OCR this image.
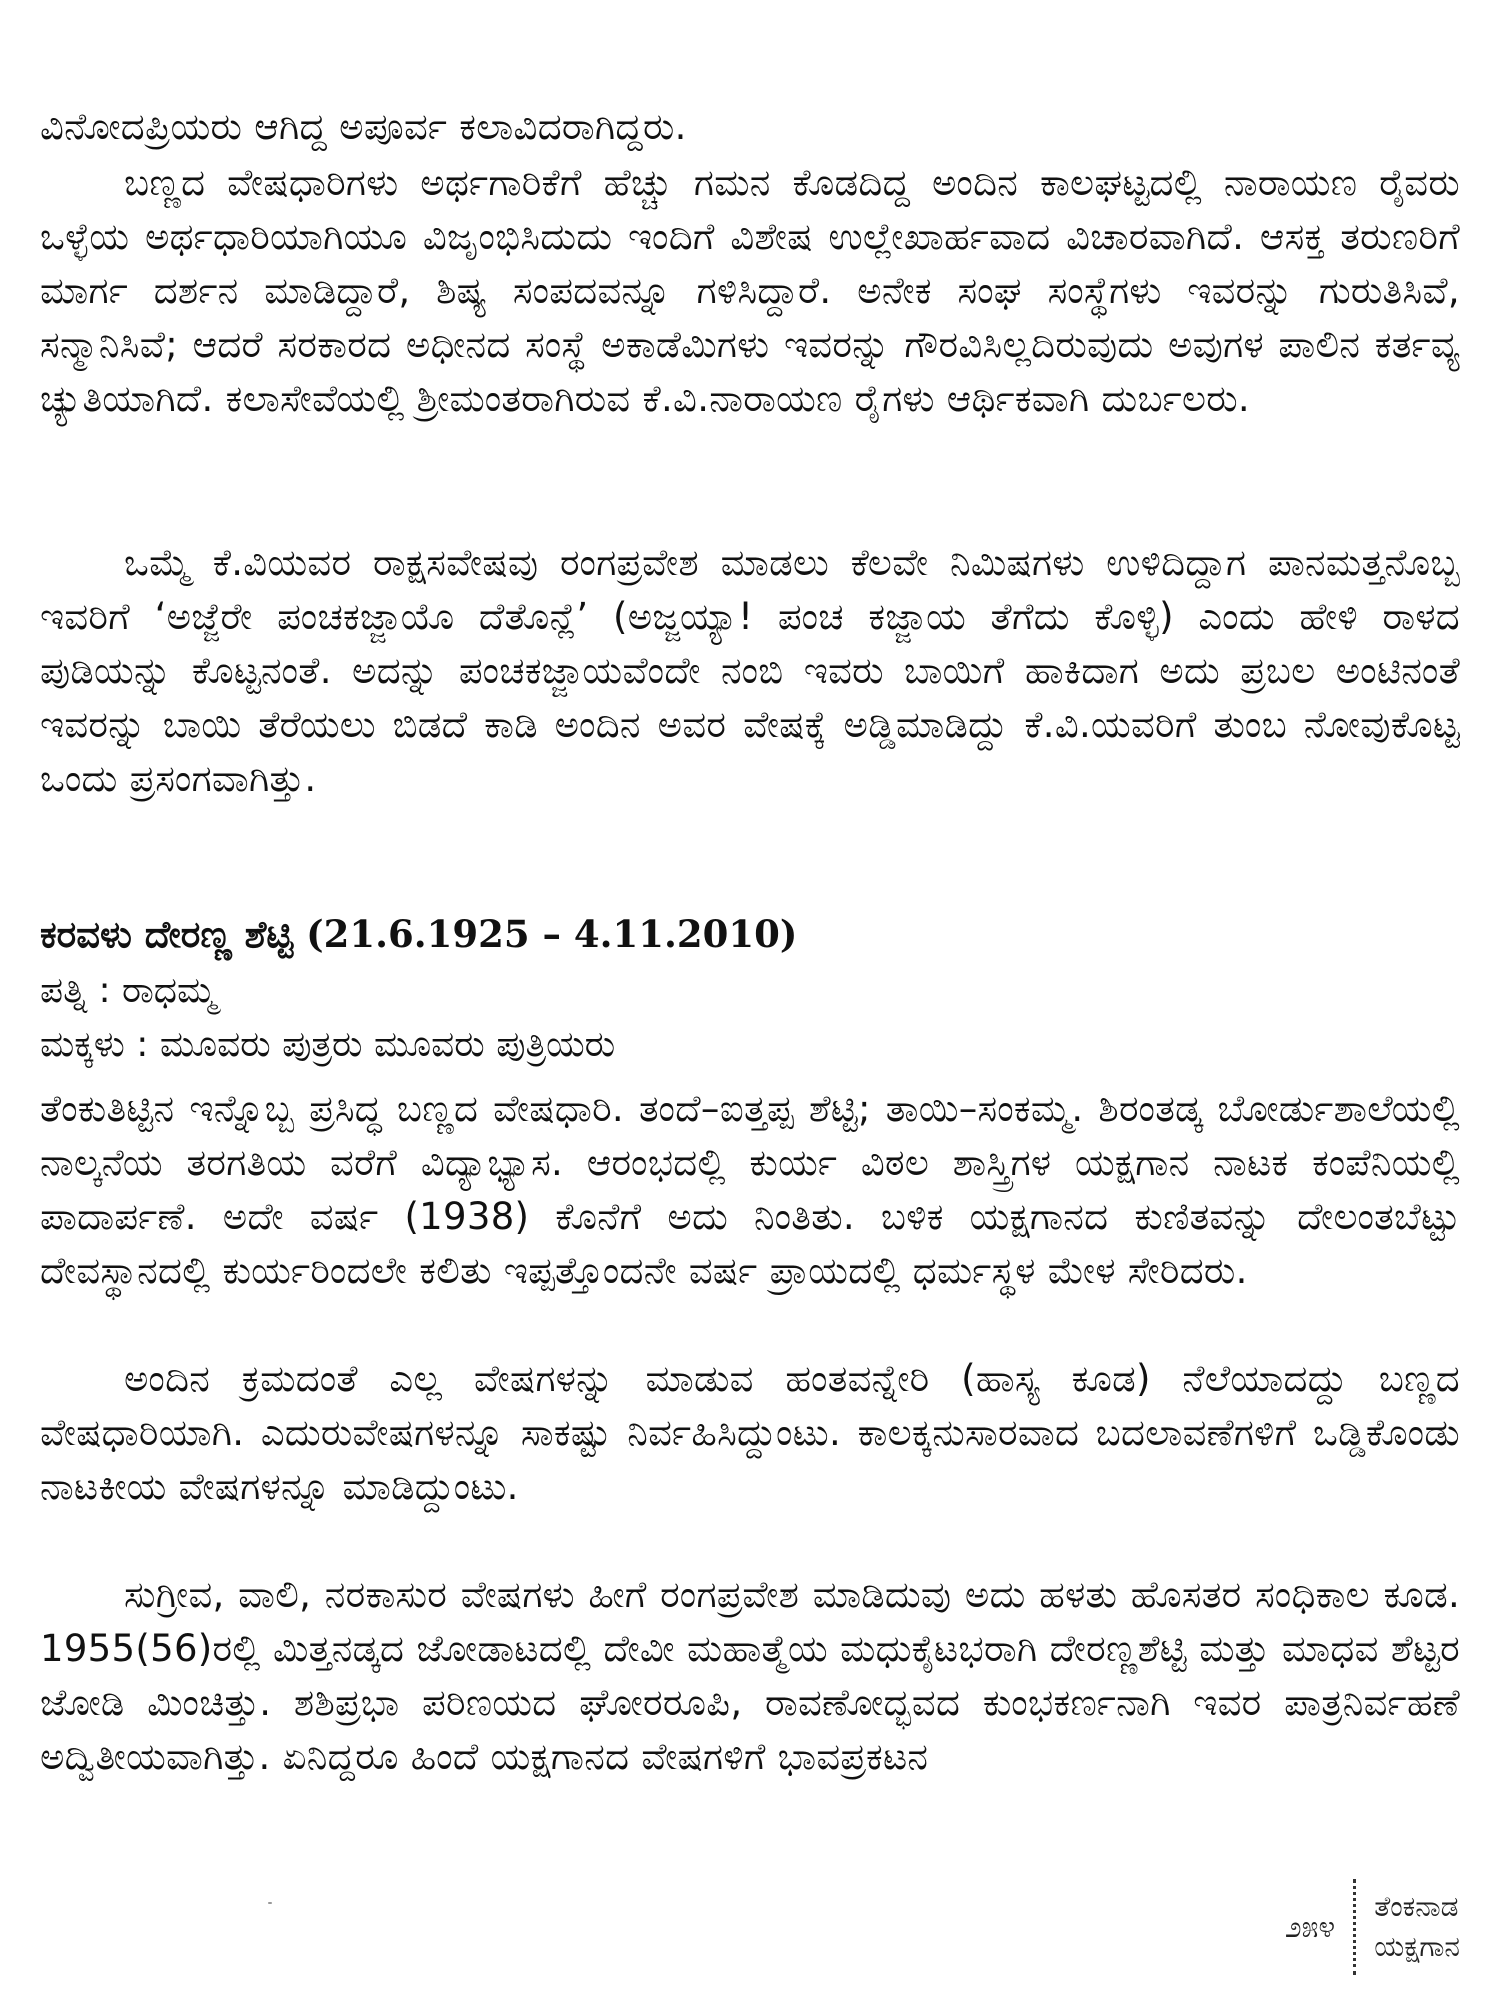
ವಿನೋದಪ್ರಿಯರು ಆಗಿದ್ದ ಅಪೂರ್ವ ಕಲಾವಿದರಾಗಿದ್ದರು.

ಬಣ್ಣದ ವೇಷಧಾರಿಗಳು ಅರ್ಥಗಾರಿಕೆಗೆ ಹೆಚ್ಚು ಗಮನ ಕೊಡದಿದ್ದ ಅಂದಿನ ಕಾಲಘಟ್ಟದಲ್ಲಿ ನಾರಾಯಣ ರೈವರು ಒಳ್ಳೆಯ ಅರ್ಥಧಾರಿಯಾಗಿಯೂ ವಿಜೃಂಭಿಸಿದುದು ಇಂದಿಗೆ ವಿಶೇಷ ಉಲ್ಲೇಖಾರ್ಹವಾದ ವಿಚಾರವಾಗಿದೆ. ಆಸಕ್ತ ತರುಣರಿಗೆ ಮಾರ್ಗ ದರ್ಶನ ಮಾಡಿದ್ದಾರೆ, ಶಿಷ್ಯ ಸಂಪದವನ್ನೂ ಗಳಿಸಿದ್ದಾರೆ. ಅನೇಕ ಸಂಘ ಸಂಸ್ಥೆಗಳು ಇವರನ್ನು ಗುರುತಿಸಿವೆ, ಸನ್ಮಾನಿಸಿವೆ; ಆದರೆ ಸರಕಾರದ ಅಧೀನದ ಸಂಸ್ಥೆ ಅಕಾಡೆಮಿಗಳು ಇವರನ್ನು ಗೌರವಿಸಿಲ್ಲದಿರುವುದು ಅವುಗಳ ಪಾಲಿನ ಕರ್ತವ್ಯ ಚ್ಯುತಿಯಾಗಿದೆ. ಕಲಾಸೇವೆಯಲ್ಲಿ ಶ್ರೀಮಂತರಾಗಿರುವ ಕೆ.ವಿ.ನಾರಾಯಣ ರೈಗಳು ಆರ್ಥಿಕವಾಗಿ ದುರ್ಬಲರು.

ಒಮ್ಮೆ ಕೆ.ವಿಯವರ ರಾಕ್ಷಸವೇಷವು ರಂಗಪ್ರವೇಶ ಮಾಡಲು ಕೆಲವೇ ನಿಮಿಷಗಳು ಉಳಿದಿದ್ದಾಗ ಪಾನಮತ್ತನೊಬ್ಬ ಇವರಿಗೆ ‘ಅಜ್ಜೆರೇ ಪಂಚಕಜ್ಜಾಯೊ ದೆತೊನ್ಲೆ’ (ಅಜ್ಜಯ್ಯಾ! ಪಂಚ ಕಜ್ಜಾಯ ತೆಗೆದು ಕೊಳ್ಳಿ) ಎಂದು ಹೇಳಿ ರಾಳದ ಪುಡಿಯನ್ನು ಕೊಟ್ಟನಂತೆ. ಅದನ್ನು ಪಂಚಕಜ್ಜಾಯವೆಂದೇ ನಂಬಿ ಇವರು ಬಾಯಿಗೆ ಹಾಕಿದಾಗ ಅದು ಪ್ರಬಲ ಅಂಟಿನಂತೆ ಇವರನ್ನು ಬಾಯಿ ತೆರೆಯಲು ಬಿಡದೆ ಕಾಡಿ ಅಂದಿನ ಅವರ ವೇಷಕ್ಕೆ ಅಡ್ಡಿಮಾಡಿದ್ದು ಕೆ.ವಿ.ಯವರಿಗೆ ತುಂಬ ನೋವುಕೊಟ್ಟ ಒಂದು ಪ್ರಸಂಗವಾಗಿತ್ತು.

ಕರವಳು ದೇರಣ್ಣ ಶೆಟ್ಟಿ (21.6.1925 – 4.11.2010)

ಪತ್ನಿ : ರಾಧಮ್ಮ

ಮಕ್ಕಳು : ಮೂವರು ಪುತ್ರರು ಮೂವರು ಪುತ್ರಿಯರು

ತೆಂಕುತಿಟ್ಟಿನ ಇನ್ನೊಬ್ಬ ಪ್ರಸಿದ್ಧ ಬಣ್ಣದ ವೇಷಧಾರಿ. ತಂದೆ–ಐತ್ತಪ್ಪ ಶೆಟ್ಟಿ; ತಾಯಿ–ಸಂಕಮ್ಮ. ಶಿರಂತಡ್ಕ ಬೋರ್ಡುಶಾಲೆಯಲ್ಲಿ ನಾಲ್ಕನೆಯ ತರಗತಿಯ ವರೆಗೆ ವಿದ್ಯಾಭ್ಯಾಸ. ಆರಂಭದಲ್ಲಿ ಕುರ್ಯ ವಿಠಲ ಶಾಸ್ತ್ರಿಗಳ ಯಕ್ಷಗಾನ ನಾಟಕ ಕಂಪೆನಿಯಲ್ಲಿ ಪಾದಾರ್ಪಣೆ. ಅದೇ ವರ್ಷ (1938) ಕೊನೆಗೆ ಅದು ನಿಂತಿತು. ಬಳಿಕ ಯಕ್ಷಗಾನದ ಕುಣಿತವನ್ನು ದೇಲಂತಬೆಟ್ಟು ದೇವಸ್ಥಾನದಲ್ಲಿ ಕುರ್ಯರಿಂದಲೇ ಕಲಿತು ಇಪ್ಪತ್ತೊಂದನೇ ವರ್ಷ ಪ್ರಾಯದಲ್ಲಿ ಧರ್ಮಸ್ಥಳ ಮೇಳ ಸೇರಿದರು.

ಅಂದಿನ ಕ್ರಮದಂತೆ ಎಲ್ಲ ವೇಷಗಳನ್ನು ಮಾಡುವ ಹಂತವನ್ನೇರಿ (ಹಾಸ್ಯ ಕೂಡ) ನೆಲೆಯಾದದ್ದು ಬಣ್ಣದ ವೇಷಧಾರಿಯಾಗಿ. ಎದುರುವೇಷಗಳನ್ನೂ ಸಾಕಷ್ಟು ನಿರ್ವಹಿಸಿದ್ದುಂಟು. ಕಾಲಕ್ಕನುಸಾರವಾದ ಬದಲಾವಣೆಗಳಿಗೆ ಒಡ್ಡಿಕೊಂಡು ನಾಟಕೀಯ ವೇಷಗಳನ್ನೂ ಮಾಡಿದ್ದುಂಟು.

ಸುಗ್ರೀವ, ವಾಲಿ, ನರಕಾಸುರ ವೇಷಗಳು ಹೀಗೆ ರಂಗಪ್ರವೇಶ ಮಾಡಿದುವು ಅದು ಹಳತು ಹೊಸತರ ಸಂಧಿಕಾಲ ಕೂಡ. 1955(56)ರಲ್ಲಿ ಮಿತ್ತನಡ್ಕದ ಜೋಡಾಟದಲ್ಲಿ ದೇವೀ ಮಹಾತ್ಮೆಯ ಮಧುಕೈಟಭರಾಗಿ ದೇರಣ್ಣಶೆಟ್ಟಿ ಮತ್ತು ಮಾಧವ ಶೆಟ್ಟರ ಜೋಡಿ ಮಿಂಚಿತ್ತು. ಶಶಿಪ್ರಭಾ ಪರಿಣಯದ ಘೋರರೂಪಿ, ರಾವಣೋದ್ಭವದ ಕುಂಭಕರ್ಣನಾಗಿ ಇವರ ಪಾತ್ರನಿರ್ವಹಣೆ ಅದ್ವಿತೀಯವಾಗಿತ್ತು. ಏನಿದ್ದರೂ ಹಿಂದೆ ಯಕ್ಷಗಾನದ ವೇಷಗಳಿಗೆ ಭಾವಪ್ರಕಟನ

೨೫೪
ತೆಂಕನಾಡ
ಯಕ್ಷಗಾನ
